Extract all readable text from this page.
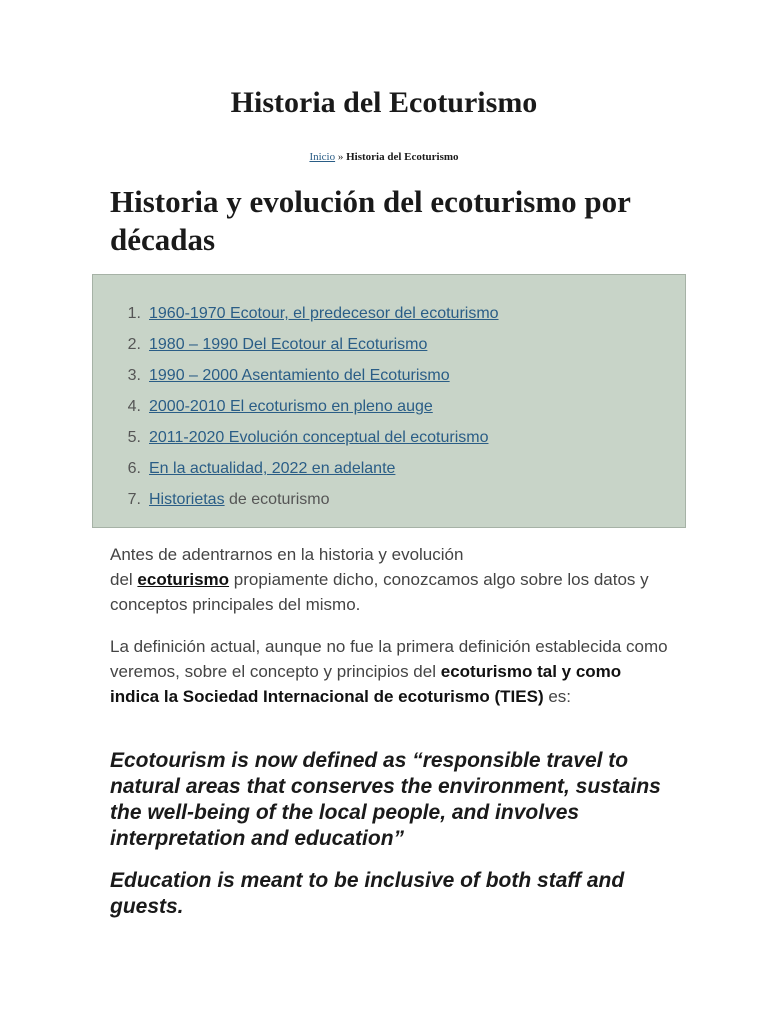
Historia del Ecoturismo
Inicio » Historia del Ecoturismo
Historia y evolución del ecoturismo por décadas
1. 1960-1970 Ecotour, el predecesor del ecoturismo
2. 1980 – 1990 Del Ecotour al Ecoturismo
3. 1990 – 2000 Asentamiento del Ecoturismo
4. 2000-2010 El ecoturismo en pleno auge
5. 2011-2020 Evolución conceptual del ecoturismo
6. En la actualidad, 2022 en adelante
7. Historietas de ecoturismo

Antes de adentrarnos en la historia y evolución
del ecoturismo propiamente dicho, conozcamos algo sobre los datos y conceptos principales del mismo.

La definición actual, aunque no fue la primera definición establecida como veremos, sobre el concepto y principios del ecoturismo tal y como indica la Sociedad Internacional de ecoturismo (TIES) es:

Ecotourism is now defined as “responsible travel to natural areas that conserves the environment, sustains the well-being of the local people, and involves interpretation and education”

Education is meant to be inclusive of both staff and guests.
